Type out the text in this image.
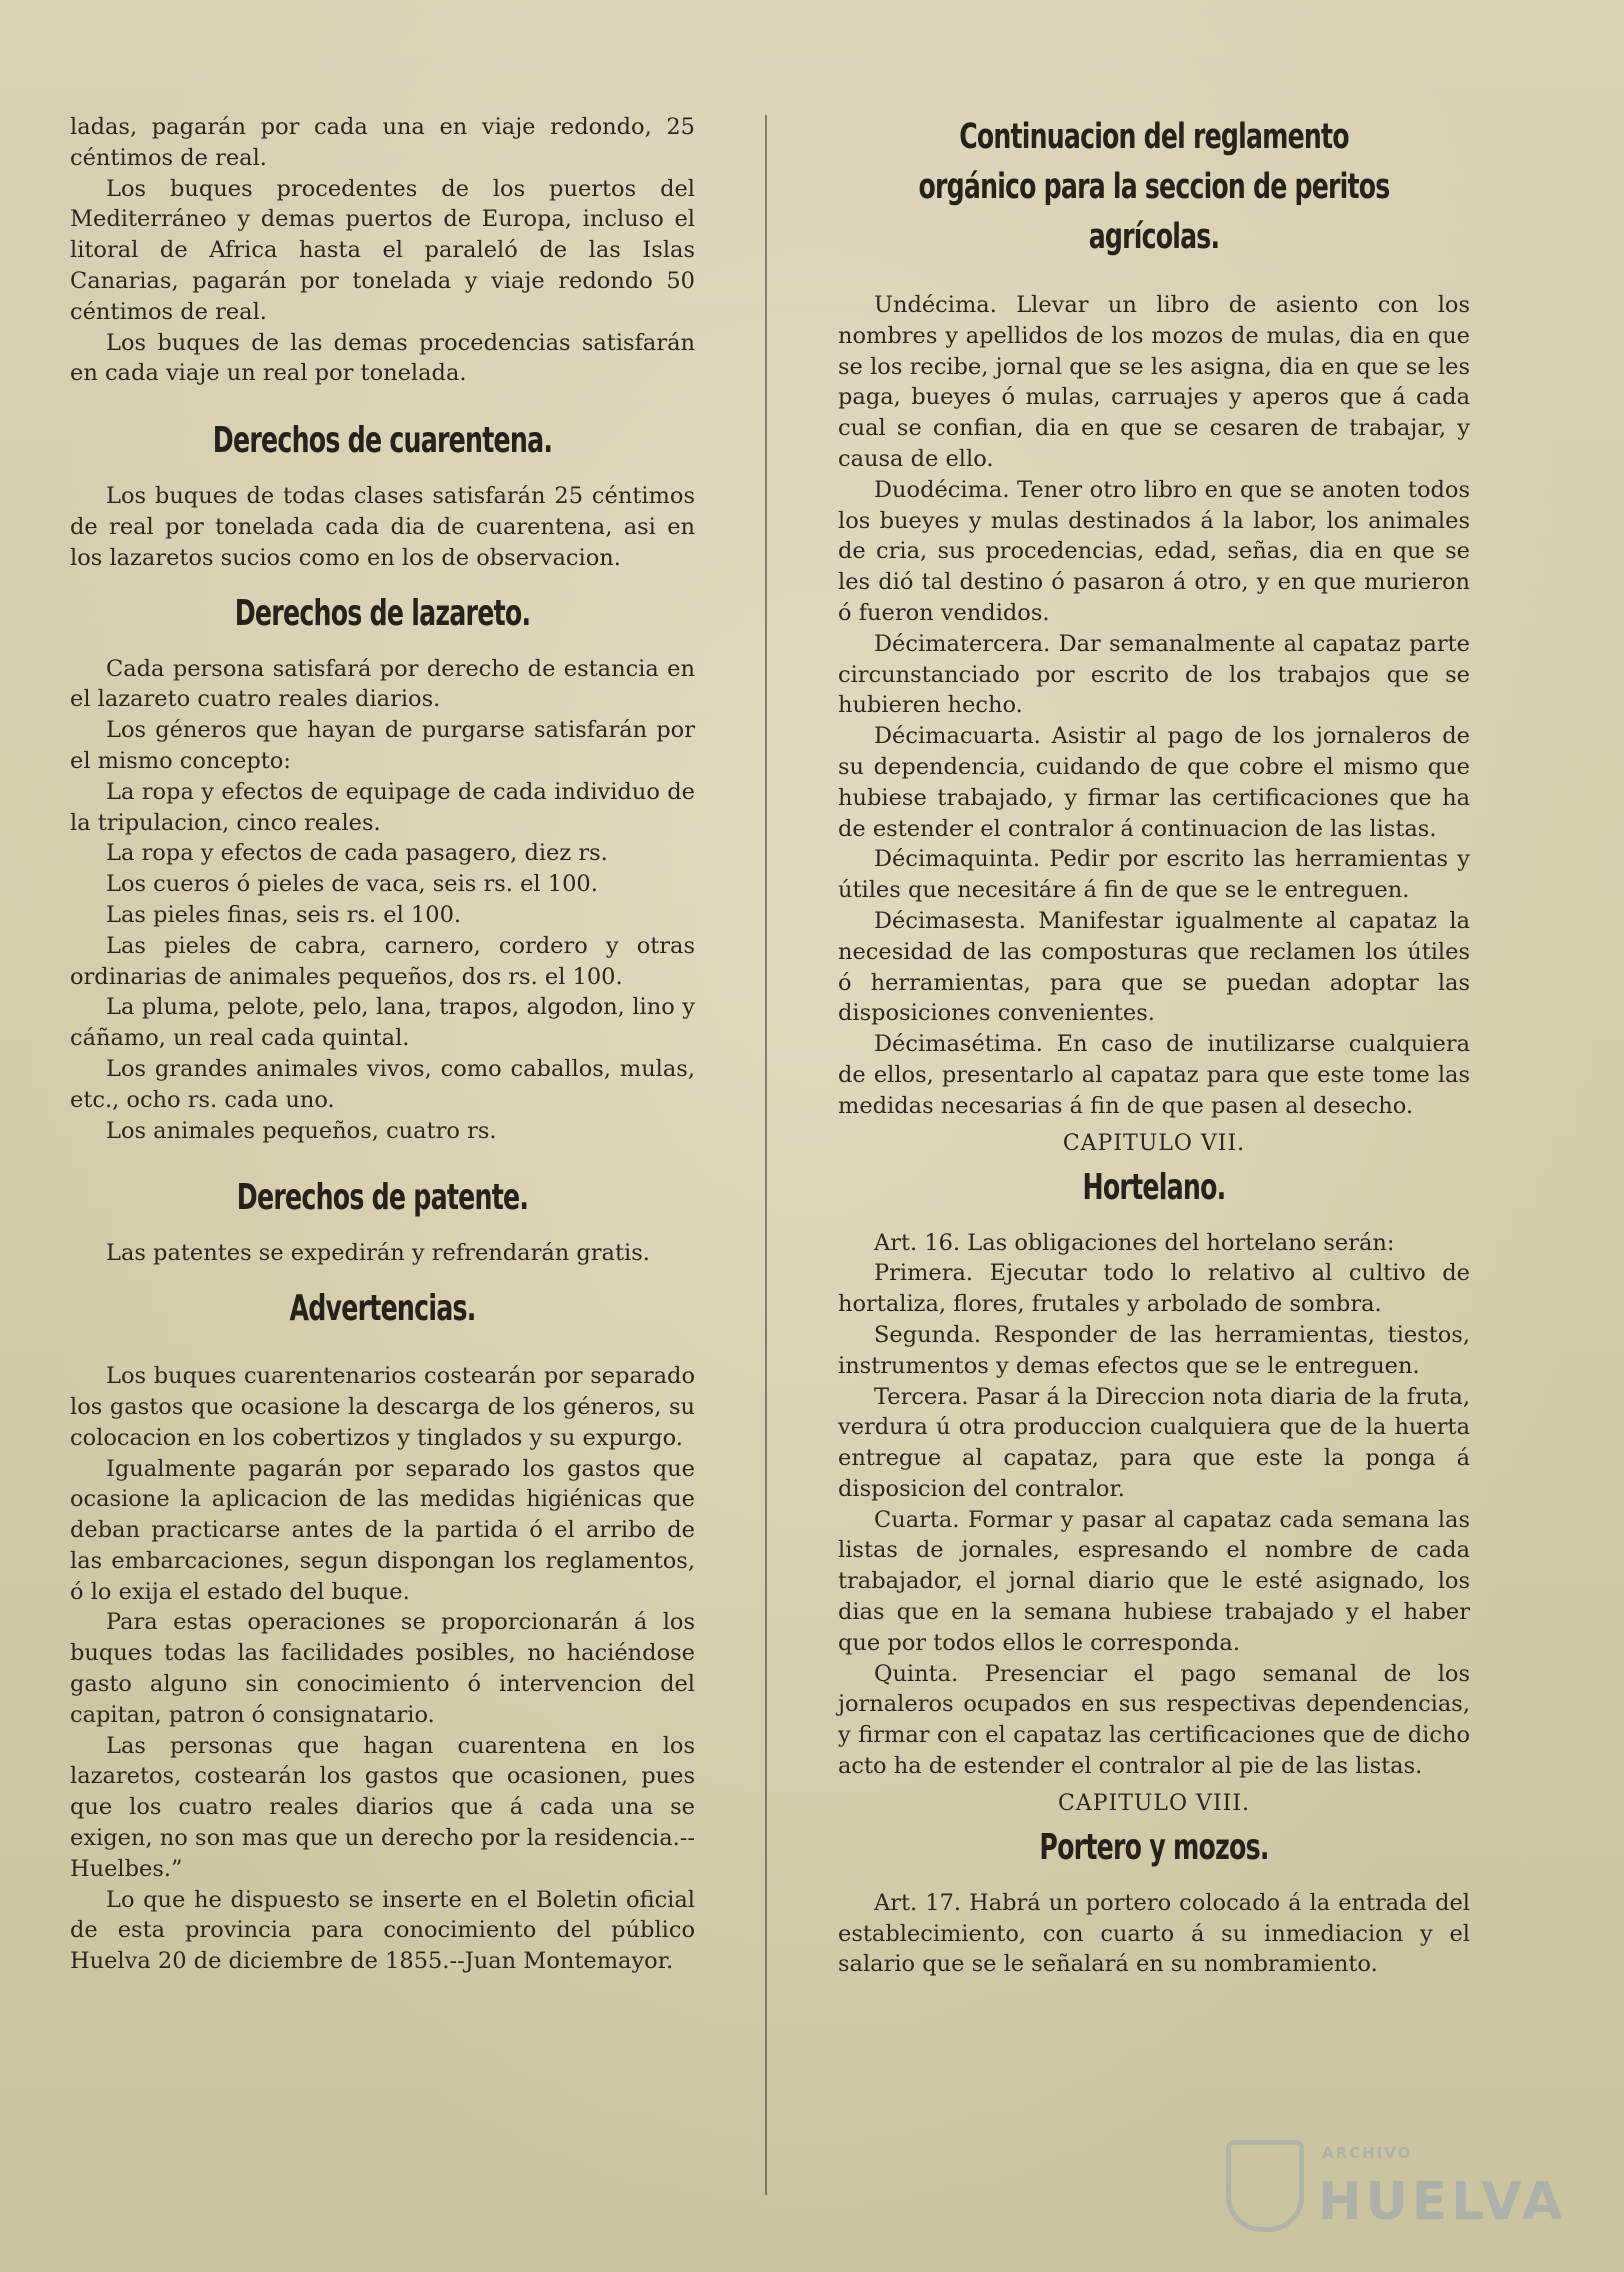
ladas, pagarán por cada una en viaje redondo, 25 céntimos de real.

Los buques procedentes de los puertos del Mediterráneo y demas puertos de Europa, incluso el litoral de Africa hasta el paraleló de las Islas Canarias, pagarán por tonelada y viaje redondo 50 céntimos de real.

Los buques de las demas procedencias satisfarán en cada viaje un real por tonelada.

Derechos de cuarentena.

Los buques de todas clases satisfarán 25 céntimos de real por tonelada cada dia de cuarentena, asi en los lazaretos sucios como en los de observacion.

Derechos de lazareto.

Cada persona satisfará por derecho de estancia en el lazareto cuatro reales diarios.

Los géneros que hayan de purgarse satisfarán por el mismo concepto:

La ropa y efectos de equipage de cada individuo de la tripulacion, cinco reales.

La ropa y efectos de cada pasagero, diez rs.

Los cueros ó pieles de vaca, seis rs. el 100.

Las pieles finas, seis rs. el 100.

Las pieles de cabra, carnero, cordero y otras ordinarias de animales pequeños, dos rs. el 100.

La pluma, pelote, pelo, lana, trapos, algodon, lino y cáñamo, un real cada quintal.

Los grandes animales vivos, como caballos, mulas, etc., ocho rs. cada uno.

Los animales pequeños, cuatro rs.

Derechos de patente.

Las patentes se expedirán y refrendarán gratis.

Advertencias.

Los buques cuarentenarios costearán por separado los gastos que ocasione la descarga de los géneros, su colocacion en los cobertizos y tinglados y su expurgo.

Igualmente pagarán por separado los gastos que ocasione la aplicacion de las medidas higiénicas que deban practicarse antes de la partida ó el arribo de las embarcaciones, segun dispongan los reglamentos, ó lo exija el estado del buque.

Para estas operaciones se proporcionarán á los buques todas las facilidades posibles, no haciéndose gasto alguno sin conocimiento ó intervencion del capitan, patron ó consignatario.

Las personas que hagan cuarentena en los lazaretos, costearán los gastos que ocasionen, pues que los cuatro reales diarios que á cada una se exigen, no son mas que un derecho por la residencia.--Huelbes.”

Lo que he dispuesto se inserte en el Boletin oficial de esta provincia para conocimiento del público Huelva 20 de diciembre de 1855.--Juan Montemayor.

Continuacion del reglamento orgánico para la seccion de peritos agrícolas.

Undécima. Llevar un libro de asiento con los nombres y apellidos de los mozos de mulas, dia en que se los recibe, jornal que se les asigna, dia en que se les paga, bueyes ó mulas, carruajes y aperos que á cada cual se confian, dia en que se cesaren de trabajar, y causa de ello.

Duodécima. Tener otro libro en que se anoten todos los bueyes y mulas destinados á la labor, los animales de cria, sus procedencias, edad, señas, dia en que se les dió tal destino ó pasaron á otro, y en que murieron ó fueron vendidos.

Décimatercera. Dar semanalmente al capataz parte circunstanciado por escrito de los trabajos que se hubieren hecho.

Décimacuarta. Asistir al pago de los jornaleros de su dependencia, cuidando de que cobre el mismo que hubiese trabajado, y firmar las certificaciones que ha de estender el contralor á continuacion de las listas.

Décimaquinta. Pedir por escrito las herramientas y útiles que necesitáre á fin de que se le entreguen.

Décimasesta. Manifestar igualmente al capataz la necesidad de las composturas que reclamen los útiles ó herramientas, para que se puedan adoptar las disposiciones convenientes.

Décimasétima. En caso de inutilizarse cualquiera de ellos, presentarlo al capataz para que este tome las medidas necesarias á fin de que pasen al desecho.

CAPITULO VII.
Hortelano.

Art. 16. Las obligaciones del hortelano serán:

Primera. Ejecutar todo lo relativo al cultivo de hortaliza, flores, frutales y arbolado de sombra.

Segunda. Responder de las herramientas, tiestos, instrumentos y demas efectos que se le entreguen.

Tercera. Pasar á la Direccion nota diaria de la fruta, verdura ú otra produccion cualquiera que de la huerta entregue al capataz, para que este la ponga á disposicion del contralor.

Cuarta. Formar y pasar al capataz cada semana las listas de jornales, espresando el nombre de cada trabajador, el jornal diario que le esté asignado, los dias que en la semana hubiese trabajado y el haber que por todos ellos le corresponda.

Quinta. Presenciar el pago semanal de los jornaleros ocupados en sus respectivas dependencias, y firmar con el capataz las certificaciones que de dicho acto ha de estender el contralor al pie de las listas.

CAPITULO VIII.
Portero y mozos.

Art. 17. Habrá un portero colocado á la entrada del establecimiento, con cuarto á su inmediacion y el salario que se le señalará en su nombramiento.

ARCHIVO
HUELVA
